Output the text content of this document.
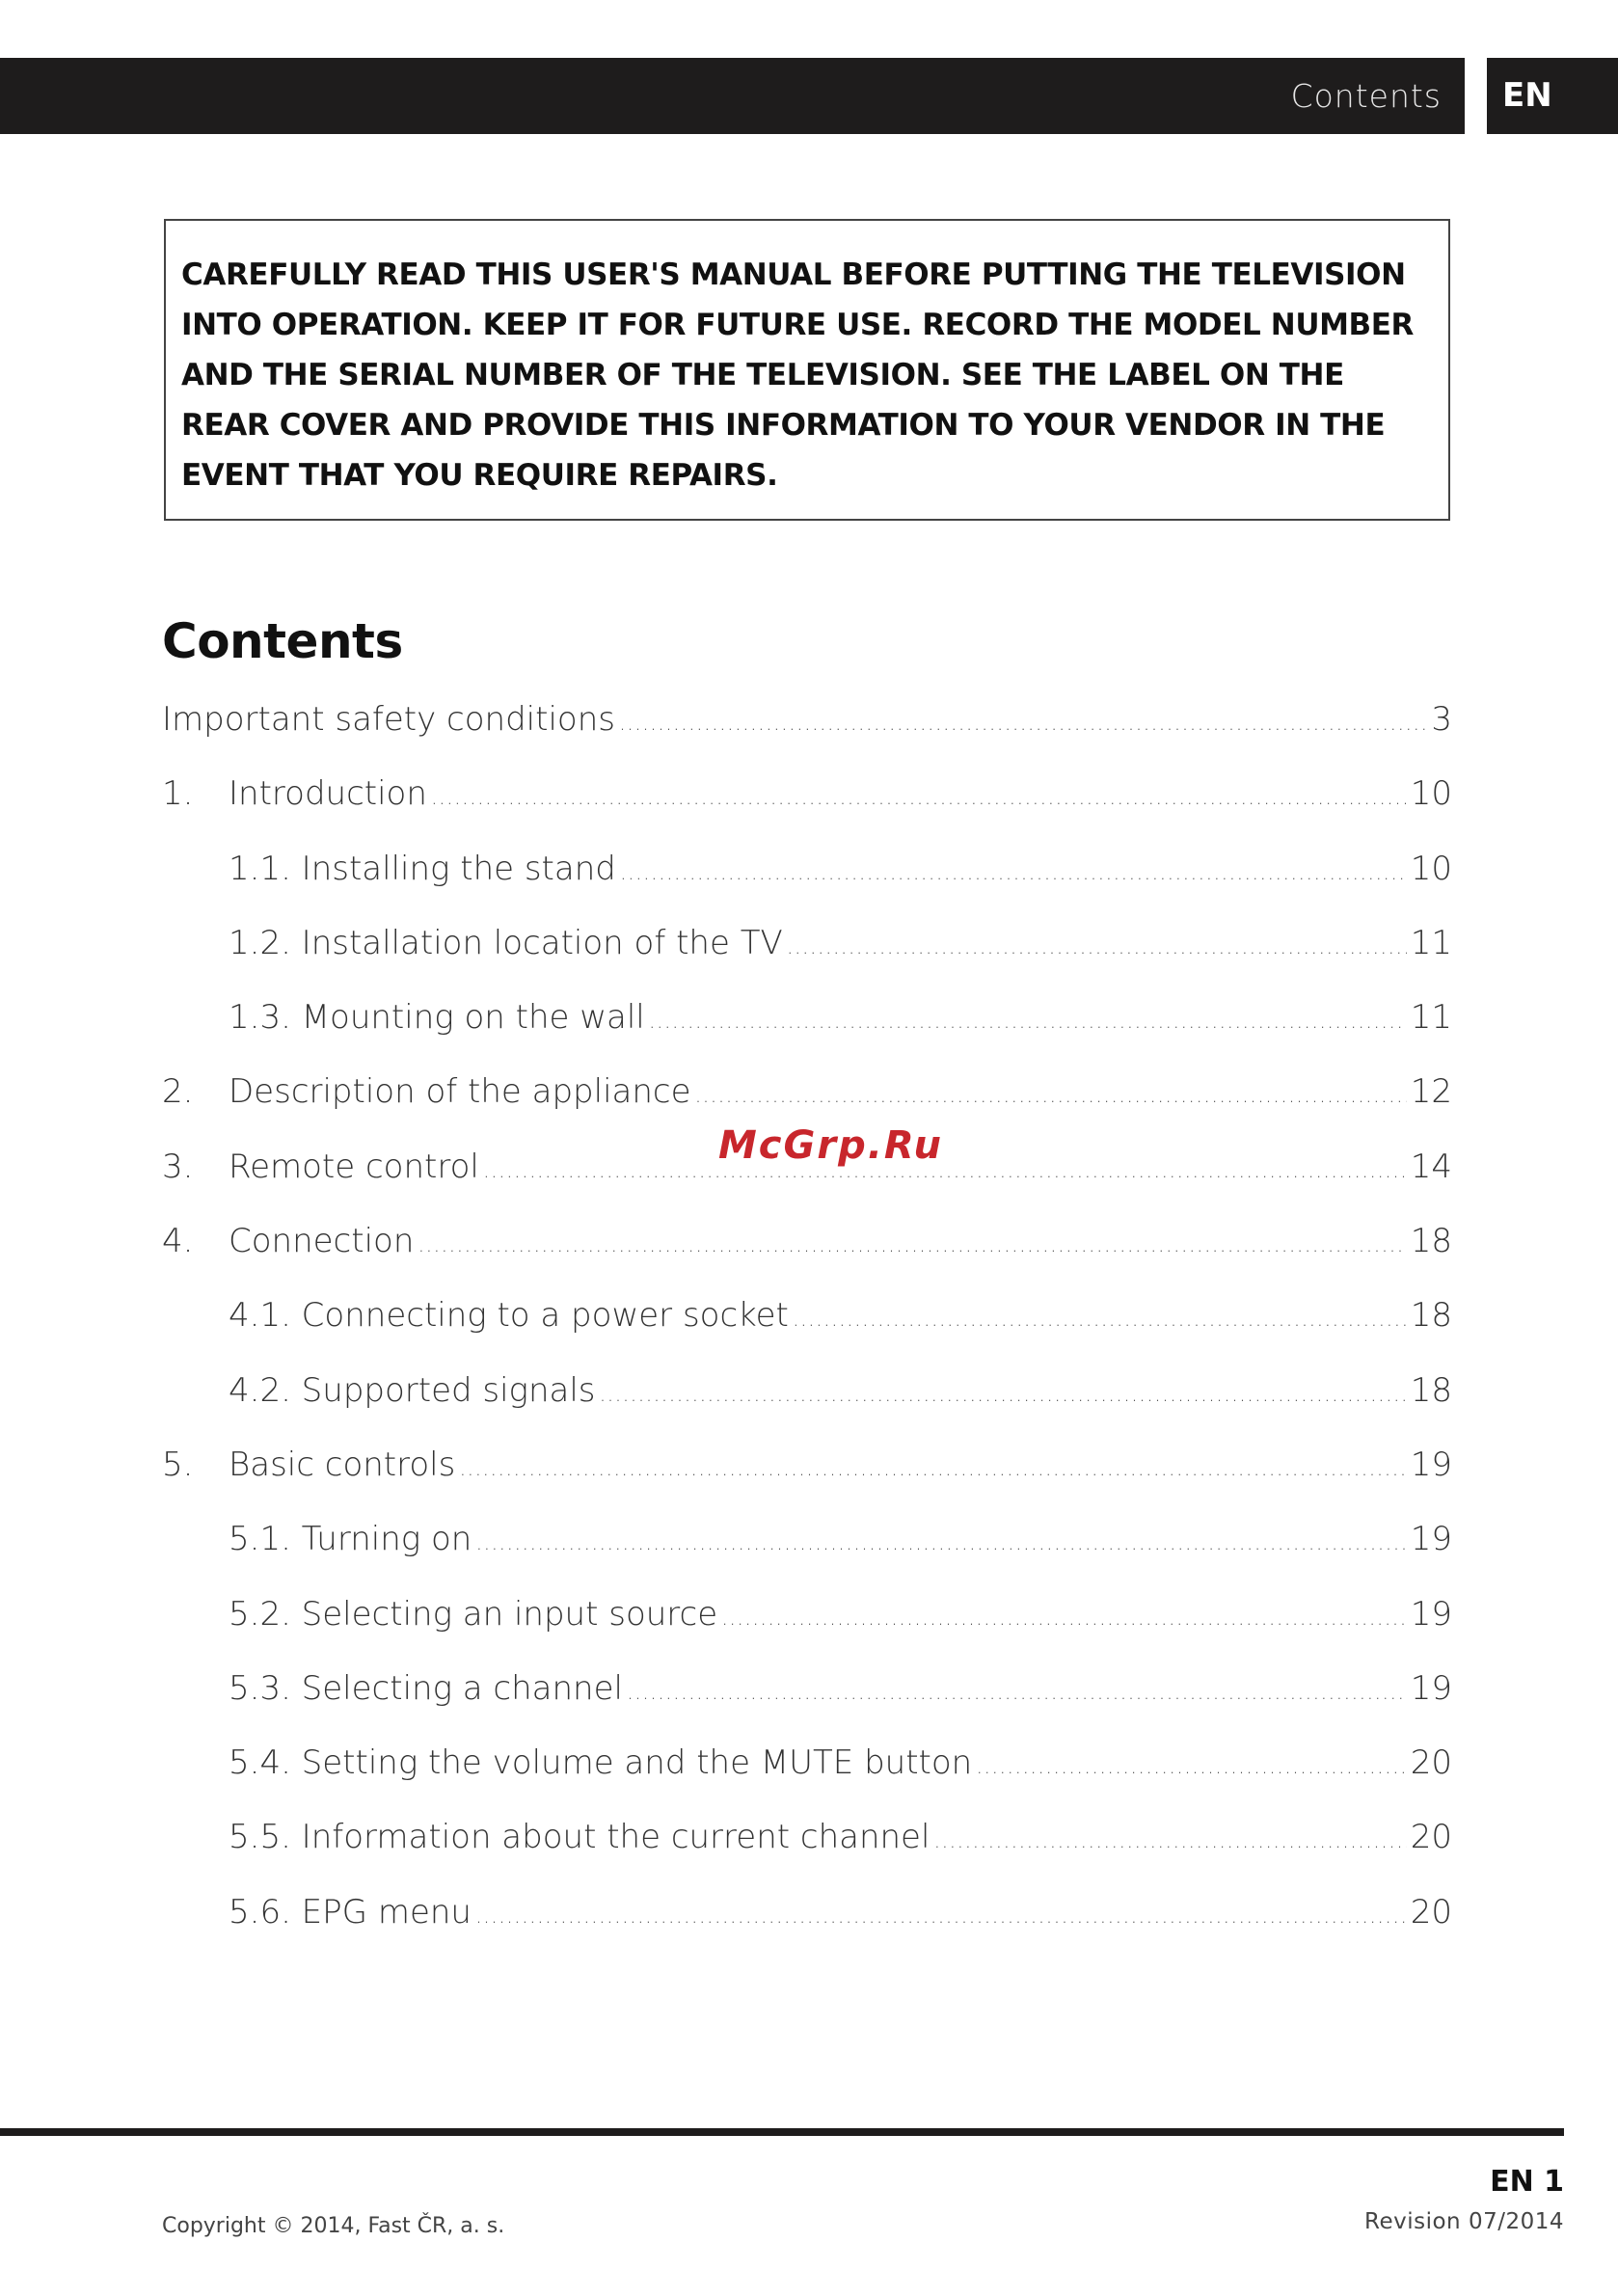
Contents EN
CAREFULLY READ THIS USER'S MANUAL BEFORE PUTTING THE TELEVISION INTO OPERATION. KEEP IT FOR FUTURE USE. RECORD THE MODEL NUMBER AND THE SERIAL NUMBER OF THE TELEVISION. SEE THE LABEL ON THE REAR COVER AND PROVIDE THIS INFORMATION TO YOUR VENDOR IN THE EVENT THAT YOU REQUIRE REPAIRS.
Contents
Important safety conditions .....	3
1.	Introduction .....	10
1.1. Installing the stand .....	10
1.2. Installation location of the TV .....	11
1.3. Mounting on the wall .....	11
2.	Description of the appliance .....	12
3.	Remote control .....	14
4.	Connection .....	18
4.1. Connecting to a power socket .....	18
4.2. Supported signals .....	18
5.	Basic controls .....	19
5.1. Turning on .....	19
5.2. Selecting an input source .....	19
5.3. Selecting a channel .....	19
5.4. Setting the volume and the MUTE button .....	20
5.5. Information about the current channel .....	20
5.6. EPG menu .....	20
McGrp.Ru
EN 1
Copyright © 2014, Fast ČR, a. s.	Revision 07/2014
